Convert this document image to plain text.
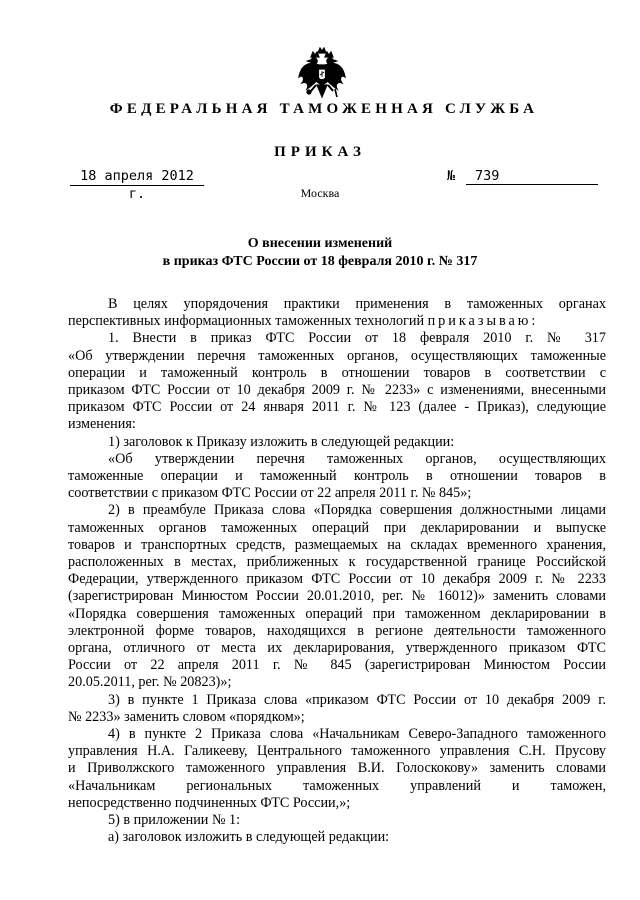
ФЕДЕРАЛЬНАЯ ТАМОЖЕННАЯ СЛУЖБА
ПРИКАЗ
18 апреля 2012 г.
№	739
Москва
О внесении изменений
в приказ ФТС России от 18 февраля 2010 г. № 317

В целях упорядочения практики применения в таможенных органах

перспективных информационных таможенных технологий приказываю:

1. Внести в приказ ФТС России от 18 февраля 2010 г. № 317

«Об утверждении перечня таможенных органов, осуществляющих таможенные

операции и таможенный контроль в отношении товаров в соответствии с

приказом ФТС России от 10 декабря 2009 г. № 2233» с изменениями, внесенными

приказом ФТС России от 24 января 2011 г. № 123 (далее - Приказ), следующие

изменения:

1) заголовок к Приказу изложить в следующей редакции:

«Об утверждении перечня таможенных органов, осуществляющих

таможенные операции и таможенный контроль в отношении товаров в

соответствии с приказом ФТС России от 22 апреля 2011 г. № 845»;

2) в преамбуле Приказа слова «Порядка совершения должностными лицами

таможенных органов таможенных операций при декларировании и выпуске

товаров и транспортных средств, размещаемых на складах временного хранения,

расположенных в местах, приближенных к государственной границе Российской

Федерации, утвержденного приказом ФТС России от 10 декабря 2009 г. № 2233

(зарегистрирован Минюстом России 20.01.2010, рег. № 16012)» заменить словами

«Порядка совершения таможенных операций при таможенном декларировании в

электронной форме товаров, находящихся в регионе деятельности таможенного

органа, отличного от места их декларирования, утвержденного приказом ФТС

России от 22 апреля 2011 г. № 845 (зарегистрирован Минюстом России

20.05.2011, рег. № 20823)»;

3) в пункте 1 Приказа слова «приказом ФТС России от 10 декабря 2009 г.

№ 2233» заменить словом «порядком»;

4) в пункте 2 Приказа слова «Начальникам Северо-Западного таможенного

управления Н.А. Галикееву, Центрального таможенного управления С.Н. Прусову

и Приволжского таможенного управления В.И. Голоскокову» заменить словами

«Начальникам региональных таможенных управлений и таможен,

непосредственно подчиненных ФТС России,»;

5) в приложении № 1:

а) заголовок изложить в следующей редакции:
